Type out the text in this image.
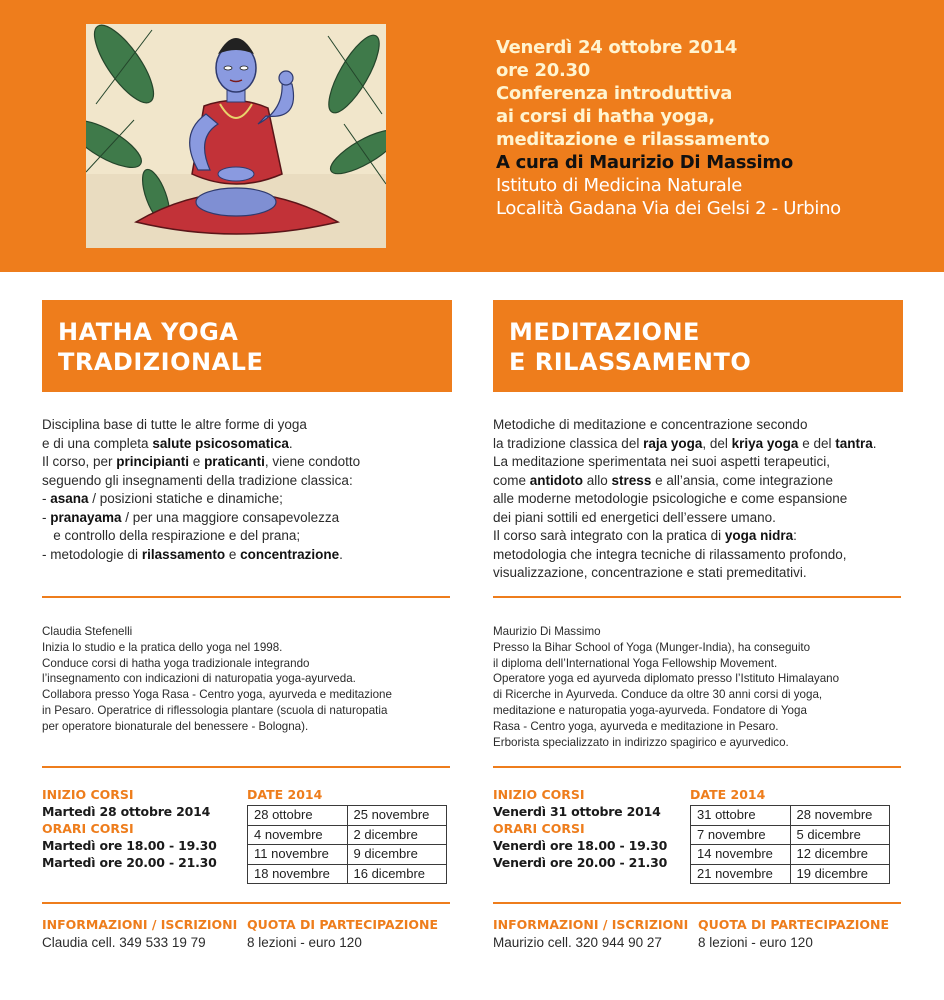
Venerdì 24 ottobre 2014
ore 20.30
Conferenza introduttiva
ai corsi di hatha yoga,
meditazione e rilassamento
A cura di Maurizio Di Massimo
Istituto di Medicina Naturale
Località Gadana Via dei Gelsi 2 - Urbino
HATHA YOGA
TRADIZIONALE
Disciplina base di tutte le altre forme di yoga
e di una completa salute psicosomatica.
Il corso, per principianti e praticanti, viene condotto
seguendo gli insegnamenti della tradizione classica:
- asana / posizioni statiche e dinamiche;
- pranayama / per una maggiore consapevolezza
e controllo della respirazione e del prana;
- metodologie di rilassamento e concentrazione.
Claudia Stefenelli
Inizia lo studio e la pratica dello yoga nel 1998.
Conduce corsi di hatha yoga tradizionale integrando
l’insegnamento con indicazioni di naturopatia yoga-ayurveda.
Collabora presso Yoga Rasa - Centro yoga, ayurveda e meditazione
in Pesaro. Operatrice di riflessologia plantare (scuola di naturopatia
per operatore bionaturale del benessere - Bologna).
INIZIO CORSI
Martedì 28 ottobre 2014
ORARI CORSI
Martedì ore 18.00 - 19.30
Martedì ore 20.00 - 21.30
DATE 2014
28 ottobre	25 novembre
4 novembre	2 dicembre
11 novembre	9 dicembre
18 novembre	16 dicembre
INFORMAZIONI / ISCRIZIONI
Claudia cell. 349 533 19 79
QUOTA DI PARTECIPAZIONE
8 lezioni - euro 120
MEDITAZIONE
E RILASSAMENTO
Metodiche di meditazione e concentrazione secondo
la tradizione classica del raja yoga, del kriya yoga e del tantra.
La meditazione sperimentata nei suoi aspetti terapeutici,
come antidoto allo stress e all’ansia, come integrazione
alle moderne metodologie psicologiche e come espansione
dei piani sottili ed energetici dell’essere umano.
Il corso sarà integrato con la pratica di yoga nidra:
metodologia che integra tecniche di rilassamento profondo,
visualizzazione, concentrazione e stati premeditativi.
Maurizio Di Massimo
Presso la Bihar School of Yoga (Munger-India), ha conseguito
il diploma dell’International Yoga Fellowship Movement.
Operatore yoga ed ayurveda diplomato presso l’Istituto Himalayano
di Ricerche in Ayurveda. Conduce da oltre 30 anni corsi di yoga,
meditazione e naturopatia yoga-ayurveda. Fondatore di Yoga
Rasa - Centro yoga, ayurveda e meditazione in Pesaro.
Erborista specializzato in indirizzo spagirico e ayurvedico.
INIZIO CORSI
Venerdì 31 ottobre 2014
ORARI CORSI
Venerdì ore 18.00 - 19.30
Venerdì ore 20.00 - 21.30
DATE 2014
31 ottobre	28 novembre
7 novembre	5 dicembre
14 novembre	12 dicembre
21 novembre	19 dicembre
INFORMAZIONI / ISCRIZIONI
Maurizio cell. 320 944 90 27
QUOTA DI PARTECIPAZIONE
8 lezioni - euro 120
